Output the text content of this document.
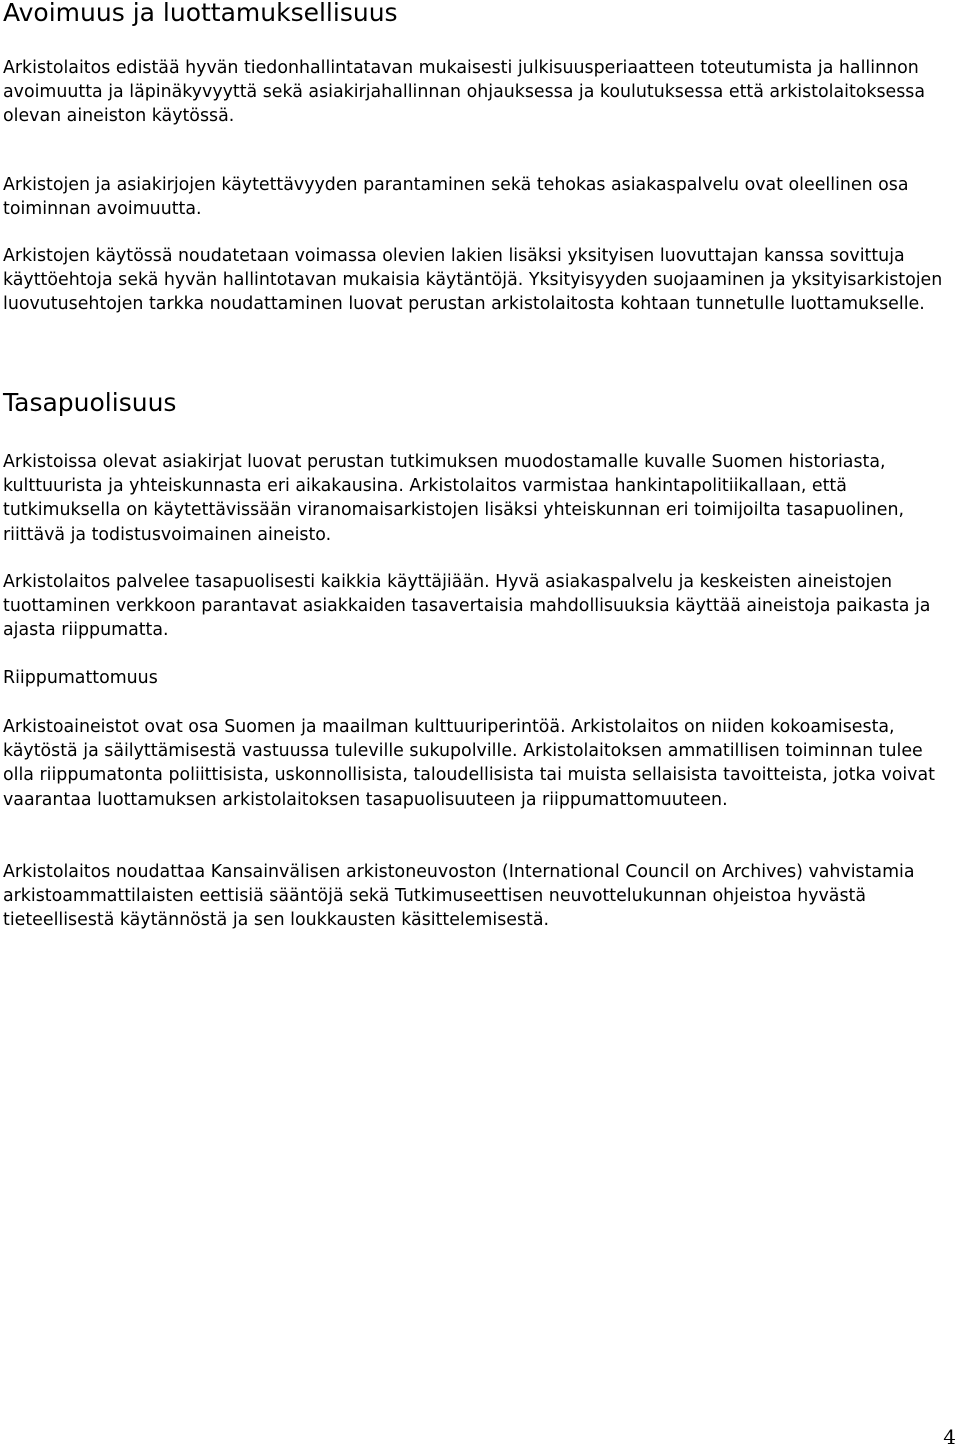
Avoimuus ja luottamuksellisuus

Arkistolaitos edistää hyvän tiedonhallintatavan mukaisesti julkisuusperiaatteen toteutumista ja hallinnon avoimuutta ja läpinäkyvyyttä sekä asiakirjahallinnan ohjauksessa ja koulutuksessa että arkistolaitoksessa olevan aineiston käytössä.

Arkistojen ja asiakirjojen käytettävyyden parantaminen sekä tehokas asiakaspalvelu ovat oleellinen osa toiminnan avoimuutta.

Arkistojen käytössä noudatetaan voimassa olevien lakien lisäksi yksityisen luovuttajan kanssa sovittuja käyttöehtoja sekä hyvän hallintotavan mukaisia käytäntöjä. Yksityisyyden suojaaminen ja yksityisarkistojen luovutusehtojen tarkka noudattaminen luovat perustan arkistolaitosta kohtaan tunnetulle luottamukselle.

Tasapuolisuus

Arkistoissa olevat asiakirjat luovat perustan tutkimuksen muodostamalle kuvalle Suomen historiasta, kulttuurista ja yhteiskunnasta eri aikakausina. Arkistolaitos varmistaa hankintapolitiikallaan, että tutkimuksella on käytettävissään viranomaisarkistojen lisäksi yhteiskunnan eri toimijoilta tasapuolinen, riittävä ja todistusvoimainen aineisto.

Arkistolaitos palvelee tasapuolisesti kaikkia käyttäjiään. Hyvä asiakaspalvelu ja keskeisten aineistojen tuottaminen verkkoon parantavat asiakkaiden tasavertaisia mahdollisuuksia käyttää aineistoja paikasta ja ajasta riippumatta.

Riippumattomuus

Arkistoaineistot ovat osa Suomen ja maailman kulttuuriperintöä. Arkistolaitos on niiden kokoamisesta, käytöstä ja säilyttämisestä vastuussa tuleville sukupolville. Arkistolaitoksen ammatillisen toiminnan tulee olla riippumatonta poliittisista, uskonnollisista, taloudellisista tai muista sellaisista tavoitteista, jotka voivat vaarantaa luottamuksen arkistolaitoksen tasapuolisuuteen ja riippumattomuuteen.

Arkistolaitos noudattaa Kansainvälisen arkistoneuvoston (International Council on Archives) vahvistamia arkistoammattilaisten eettisiä sääntöjä sekä Tutkimuseettisen neuvottelukunnan ohjeistoa hyvästä tieteellisestä käytännöstä ja sen loukkausten käsittelemisestä.

4
